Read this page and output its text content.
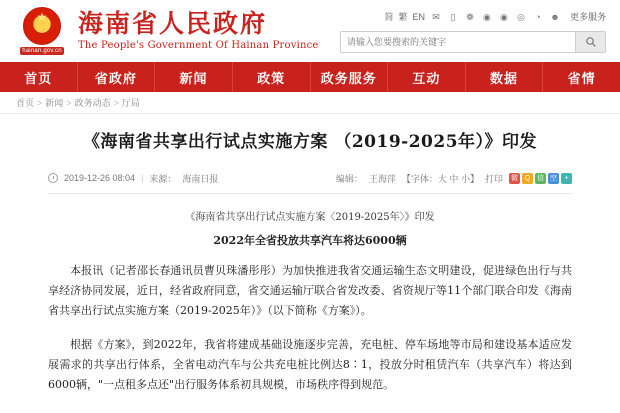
★
hainan.gov.cn
海南省人民政府
The People's Government Of Hainan Province
简 繁 EN ✉	▯	❁ ◉ ◉ ◎	◔	☻ 更多服务
请输入您要搜索的关键字
首页	省政府	新闻	政策	政务服务	互动	数据	省情
首页 > 新闻 > 政务动态 > 厅局
《海南省共享出行试点实施方案 （2019-2025年）》印发
2019-12-26 08:04 | 来源： 海南日报	编辑： 王海萍 【字体：大 中 小】 打印 微 Q 信 空	+
《海南省共享出行试点实施方案〈2019-2025年〉》印发
2022年全省投放共享汽车将达6000辆
本报讯（记者邵长春通讯员曹贝珠潘彤彤）为加快推进我省交通运输生态文明建设，促进绿色出行与共享经济协同发展，近日，经省政府同意，省交通运输厅联合省发改委、省资规厅等11个部门联合印发《海南省共享出行试点实施方案（2019-2025年）》（以下简称《方案》）。
根据《方案》，到2022年，我省将建成基础设施逐步完善，充电桩、停车场地等市局和建设基本适应发展需求的共享出行体系，全省电动汽车与公共充电桩比例达8∶1，投放分时租赁汽车（共享汽车）将达到6000辆，"一点租多点还"出行服务体系初具规模，市场秩序得到规范。
